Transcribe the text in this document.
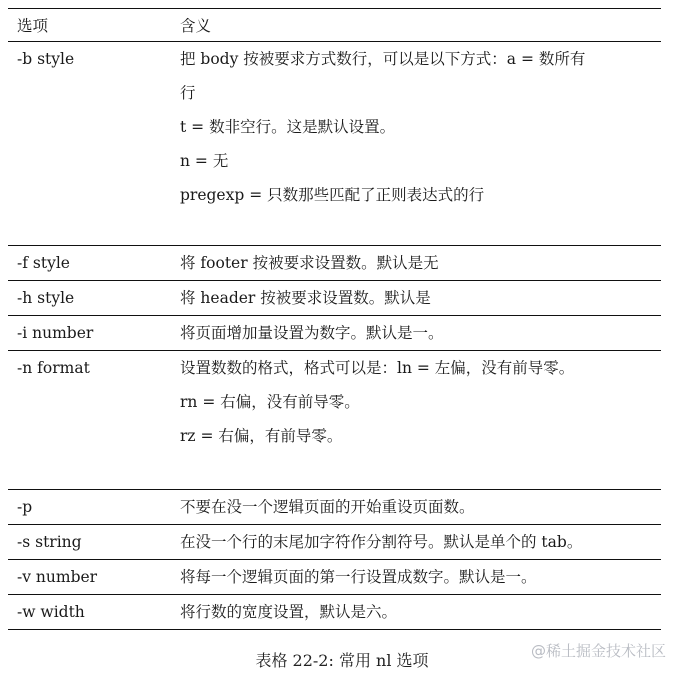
选项	含义
-b style	把 body 按被要求方式数行，可以是以下方式：a = 数所有
行
t = 数非空行。这是默认设置。
n = 无
pregexp = 只数那些匹配了正则表达式的行

-f style	将 footer 按被要求设置数。默认是无
-h style	将 header 按被要求设置数。默认是
-i number	将页面增加量设置为数字。默认是一。
-n format	设置数数的格式，格式可以是：ln = 左偏，没有前导零。
rn = 右偏，没有前导零。
rz = 右偏，有前导零。

-p	不要在没一个逻辑页面的开始重设页面数。
-s string	在没一个行的末尾加字符作分割符号。默认是单个的 tab。
-v number	将每一个逻辑页面的第一行设置成数字。默认是一。
-w width	将行数的宽度设置，默认是六。
表格 22-2: 常用 nl 选项	@稀土掘金技术社区
